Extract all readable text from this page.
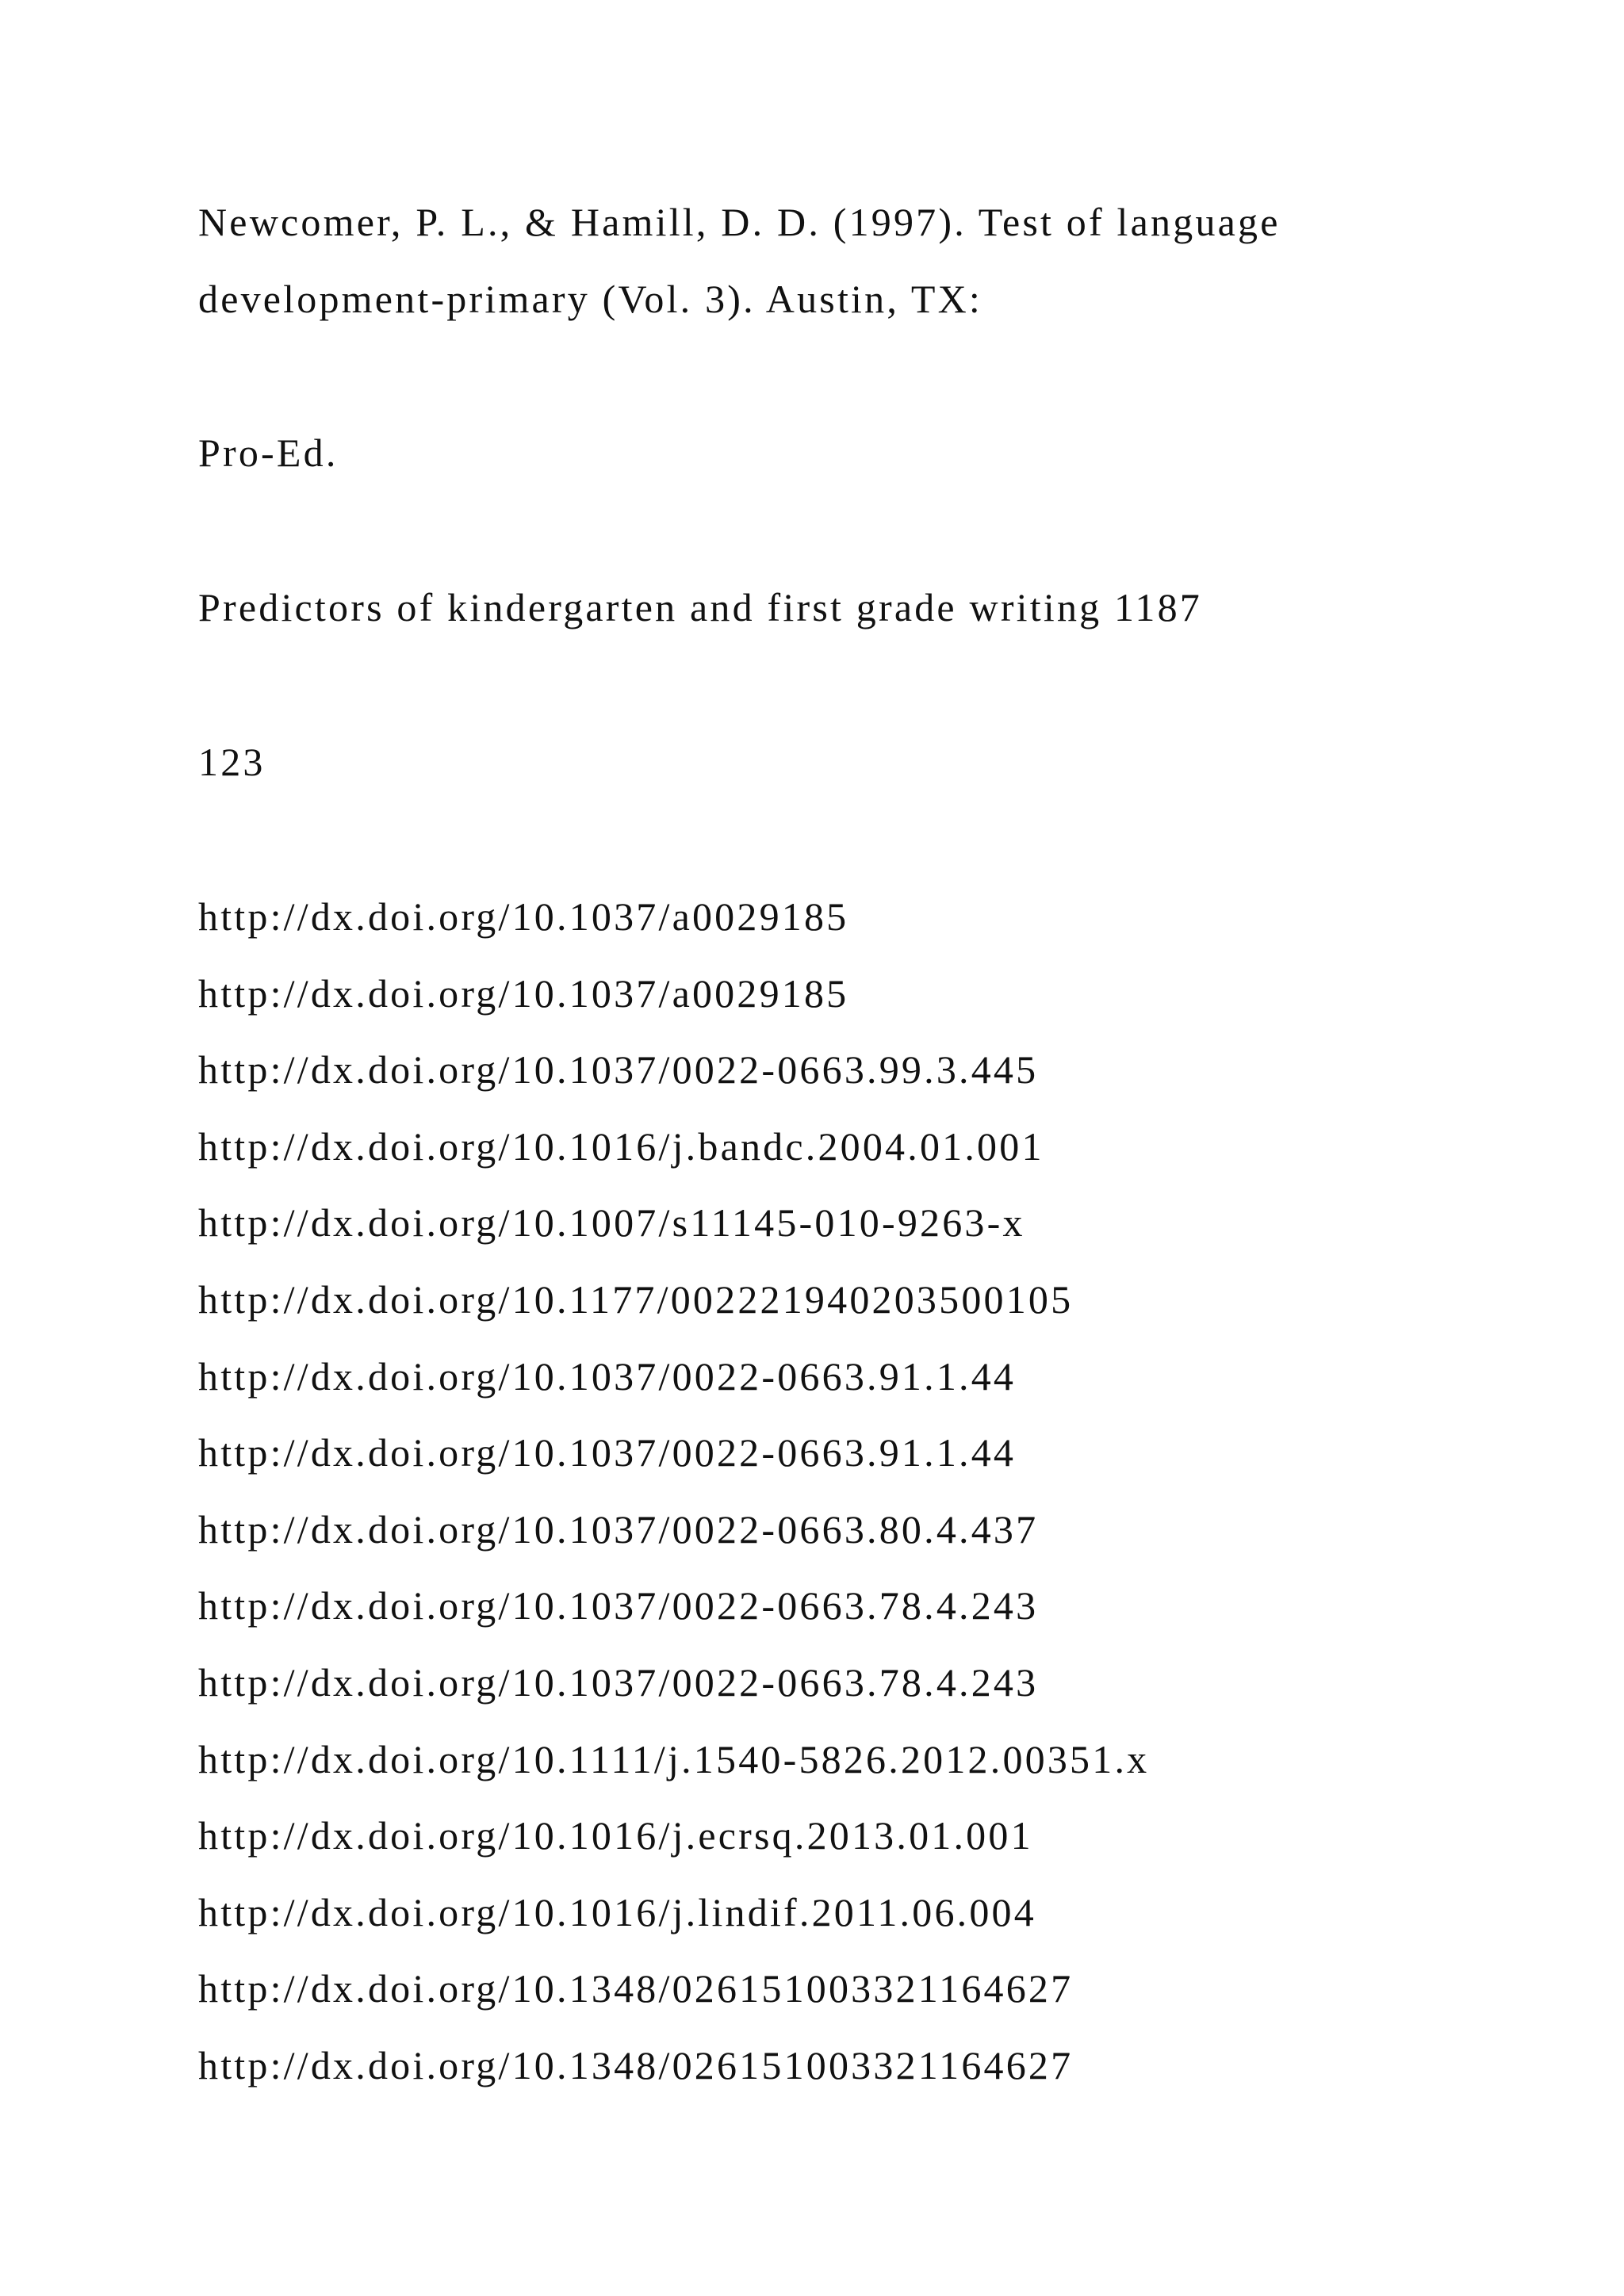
Newcomer, P. L., & Hamill, D. D. (1997). Test of language

development-primary (Vol. 3). Austin, TX:

Pro-Ed.

Predictors of kindergarten and first grade writing 1187

123

http://dx.doi.org/10.1037/a0029185
http://dx.doi.org/10.1037/a0029185
http://dx.doi.org/10.1037/0022-0663.99.3.445
http://dx.doi.org/10.1016/j.bandc.2004.01.001
http://dx.doi.org/10.1007/s11145-010-9263-x
http://dx.doi.org/10.1177/002221940203500105
http://dx.doi.org/10.1037/0022-0663.91.1.44
http://dx.doi.org/10.1037/0022-0663.91.1.44
http://dx.doi.org/10.1037/0022-0663.80.4.437
http://dx.doi.org/10.1037/0022-0663.78.4.243
http://dx.doi.org/10.1037/0022-0663.78.4.243
http://dx.doi.org/10.1111/j.1540-5826.2012.00351.x
http://dx.doi.org/10.1016/j.ecrsq.2013.01.001
http://dx.doi.org/10.1016/j.lindif.2011.06.004
http://dx.doi.org/10.1348/026151003321164627
http://dx.doi.org/10.1348/026151003321164627
